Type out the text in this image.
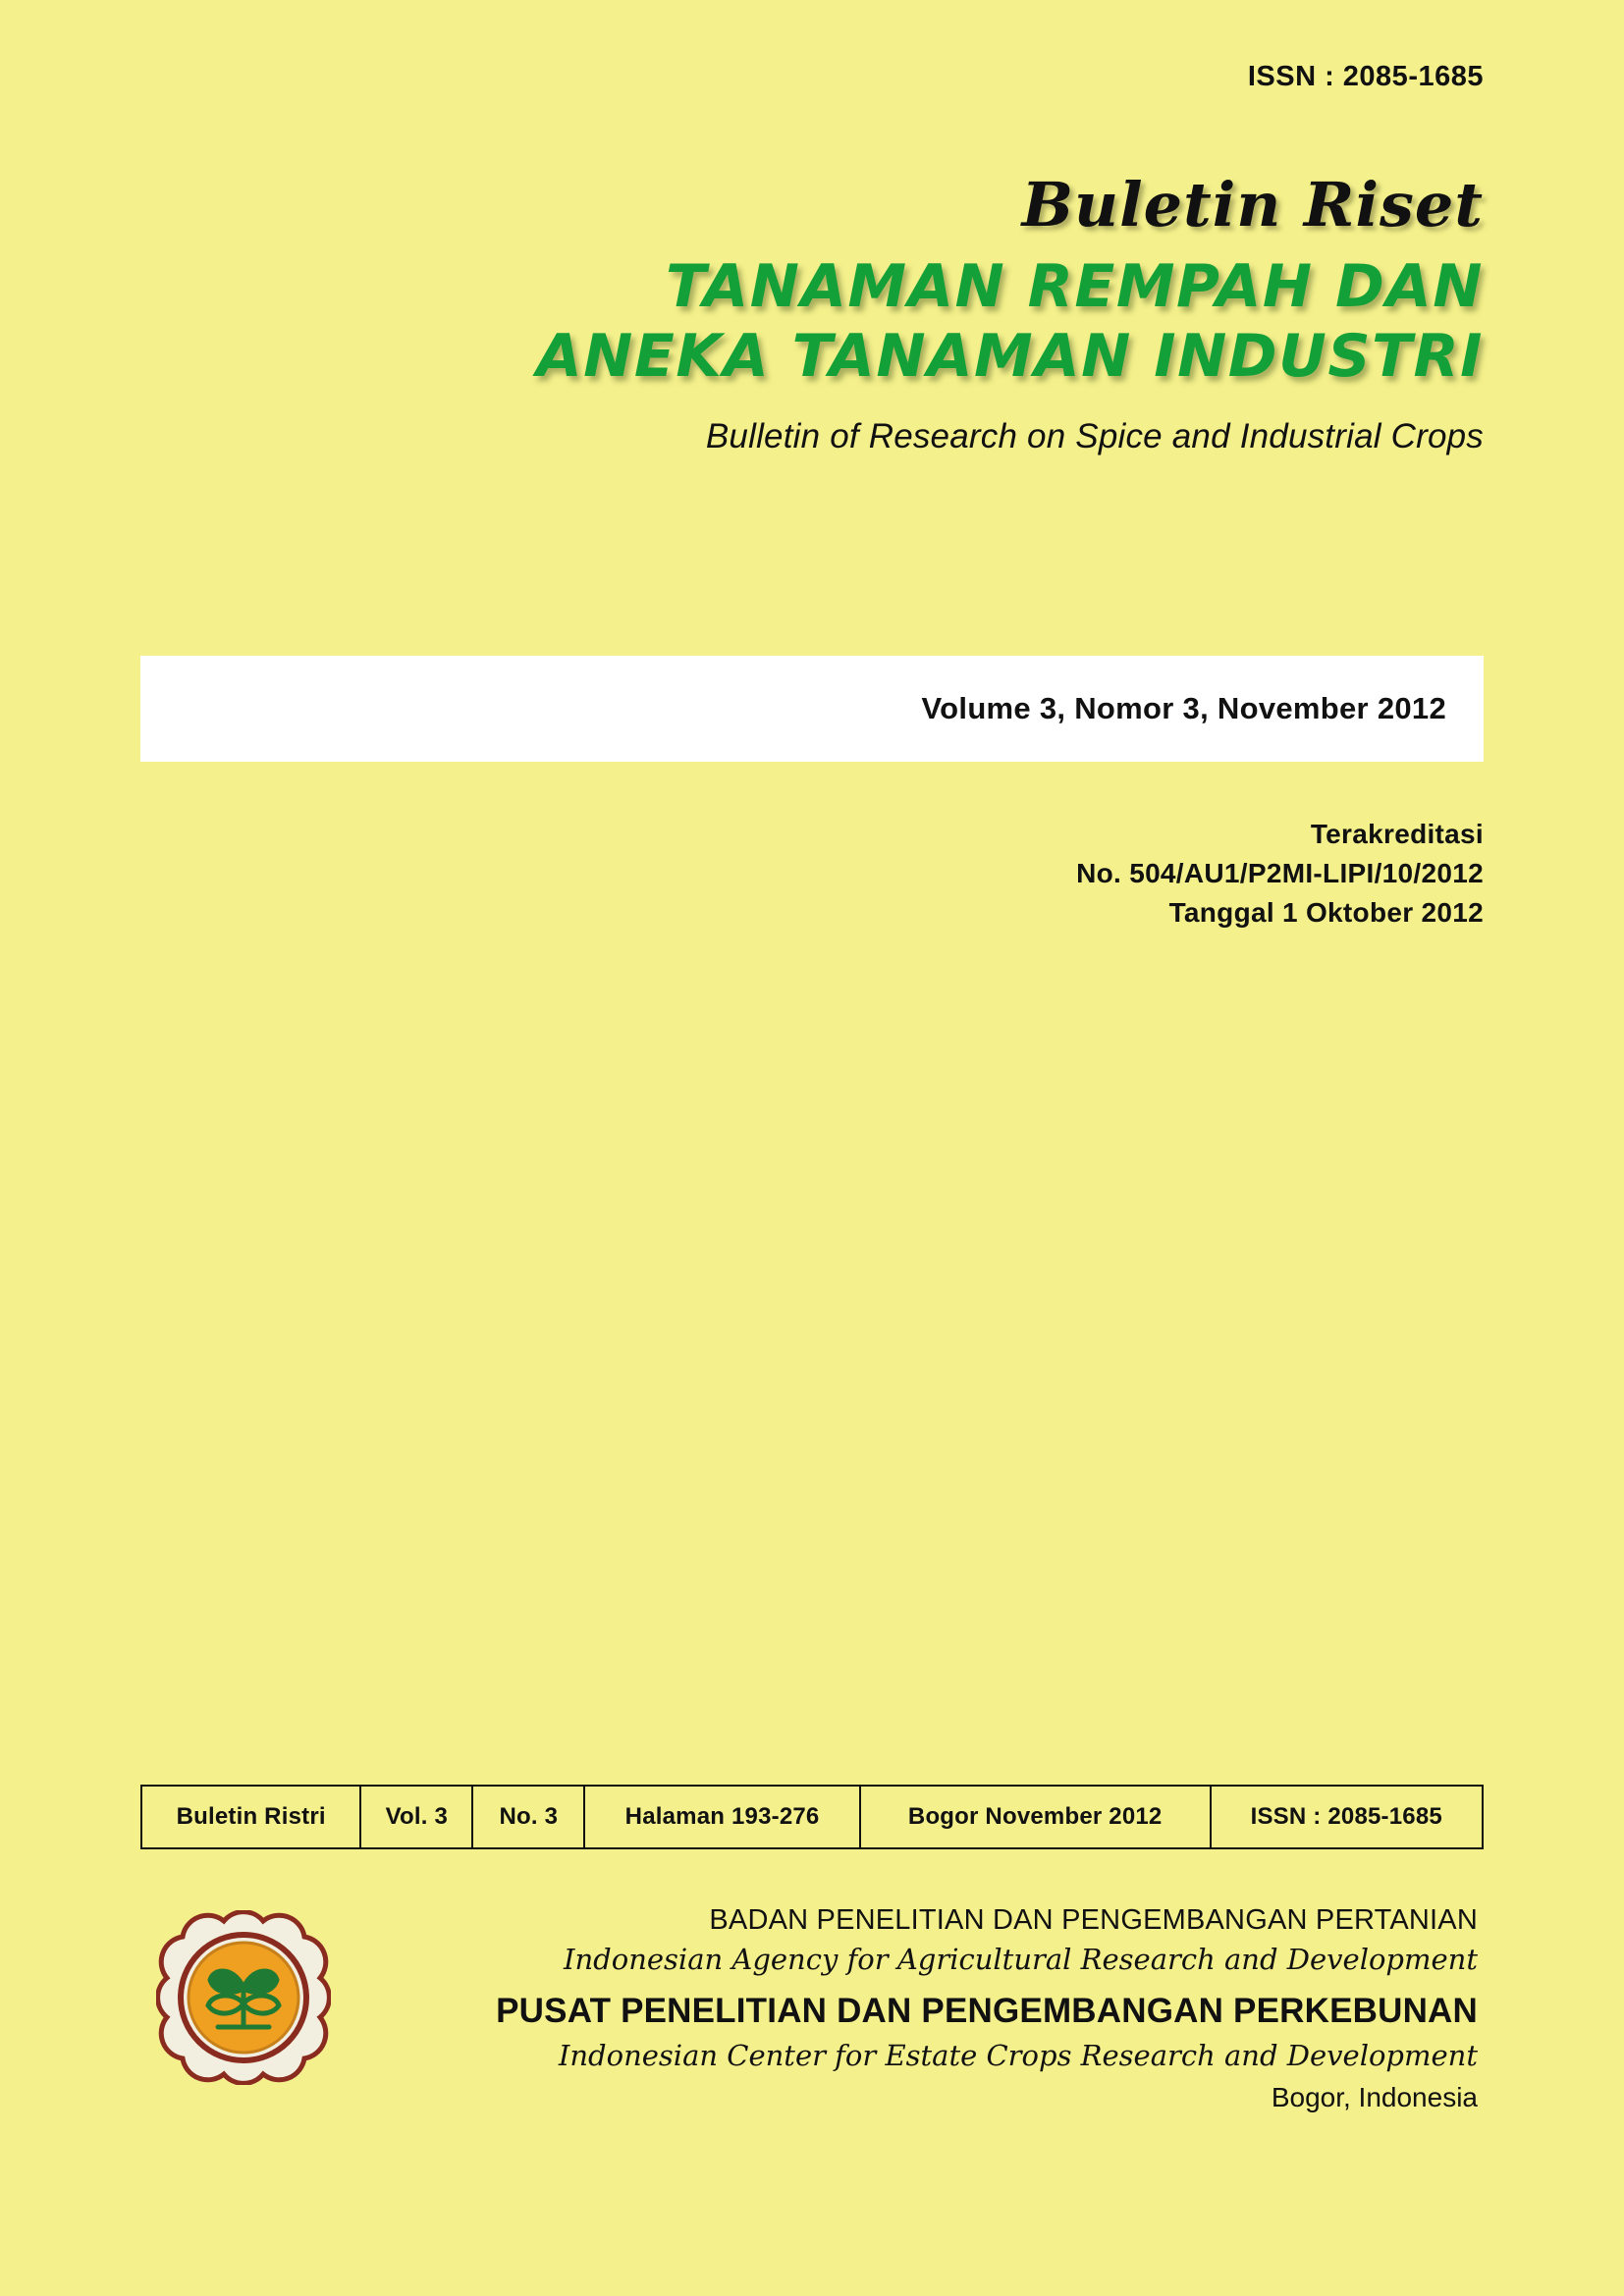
ISSN : 2085-1685
Buletin Riset
TANAMAN REMPAH DAN
ANEKA TANAMAN INDUSTRI
Bulletin of Research on Spice and Industrial Crops
Volume 3, Nomor 3, November 2012
Terakreditasi
No. 504/AU1/P2MI-LIPI/10/2012
Tanggal 1 Oktober 2012
Buletin Ristri	Vol. 3	No. 3	Halaman 193-276	Bogor November 2012	ISSN : 2085-1685
BADAN PENELITIAN DAN PENGEMBANGAN PERTANIAN
Indonesian Agency for Agricultural Research and Development
PUSAT PENELITIAN DAN PENGEMBANGAN PERKEBUNAN
Indonesian Center for Estate Crops Research and Development
Bogor, Indonesia
